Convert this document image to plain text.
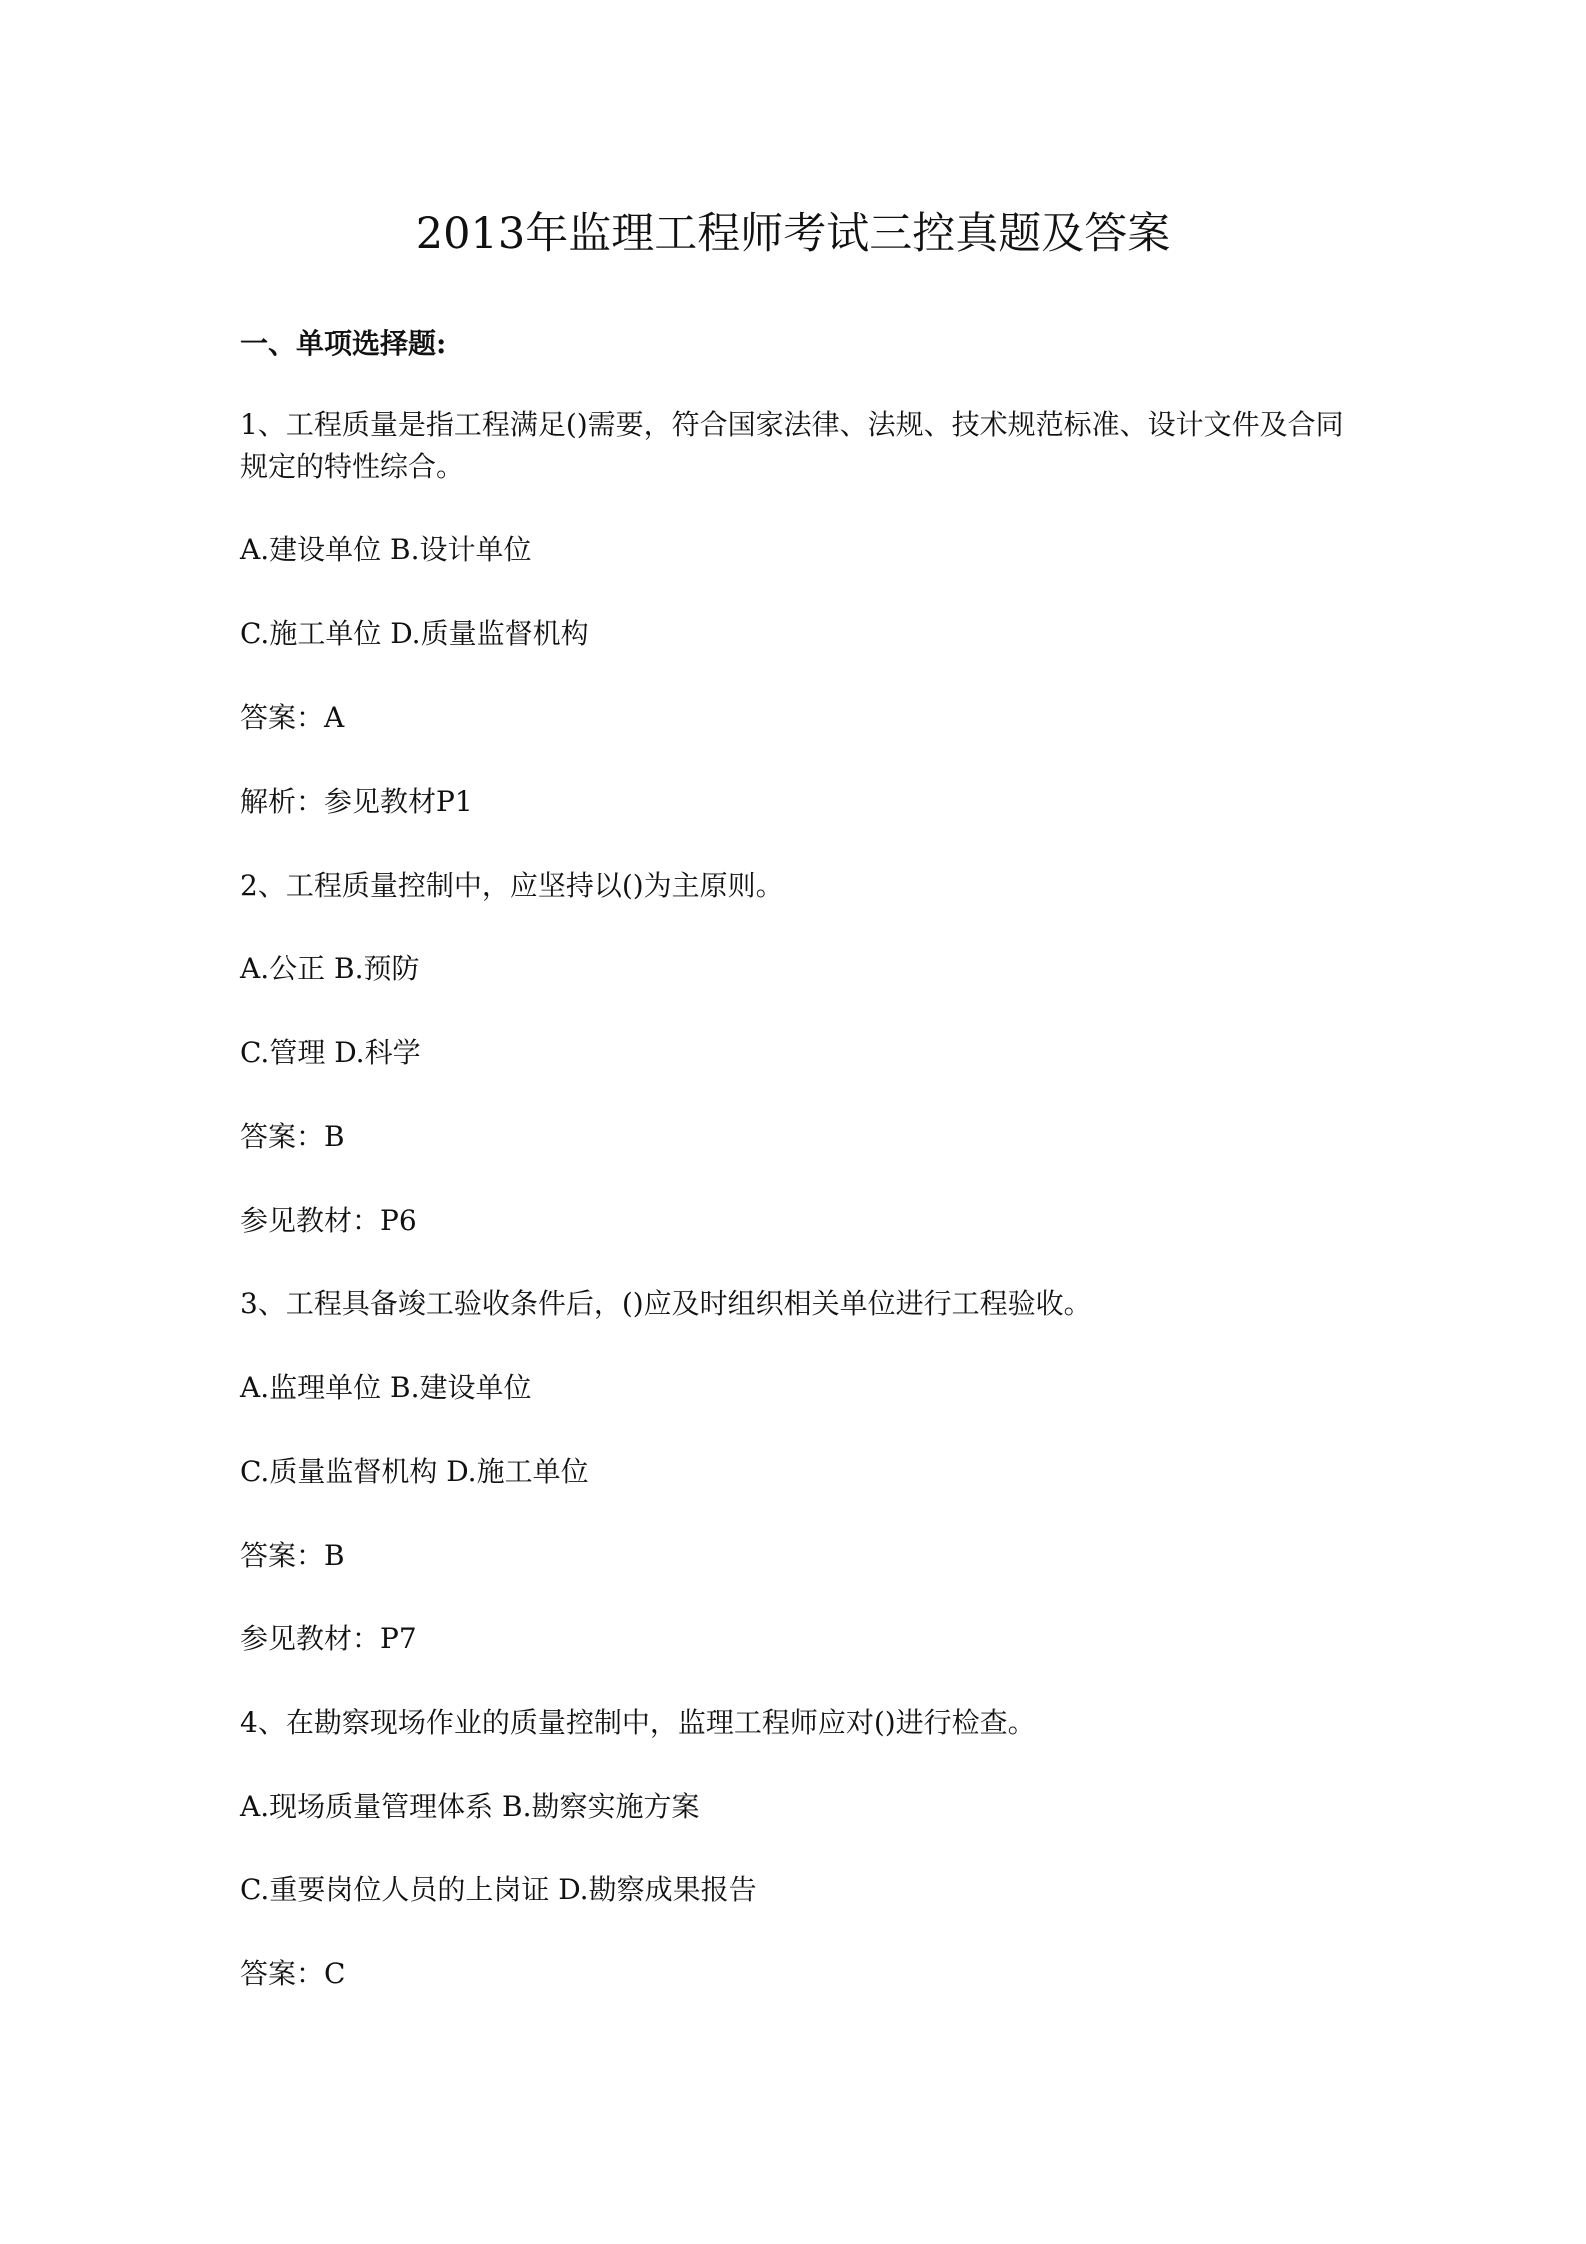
2013年监理工程师考试三控真题及答案

一、单项选择题:

1、工程质量是指工程满足()需要，符合国家法律、法规、技术规范标准、设计文件及合同

规定的特性综合。

A.建设单位 B.设计单位

C.施工单位 D.质量监督机构

答案：A

解析：参见教材P1

2、工程质量控制中，应坚持以()为主原则。

A.公正 B.预防

C.管理 D.科学

答案：B

参见教材：P6

3、工程具备竣工验收条件后，()应及时组织相关单位进行工程验收。

A.监理单位 B.建设单位

C.质量监督机构 D.施工单位

答案：B

参见教材：P7

4、在勘察现场作业的质量控制中，监理工程师应对()进行检查。

A.现场质量管理体系 B.勘察实施方案

C.重要岗位人员的上岗证 D.勘察成果报告

答案：C
